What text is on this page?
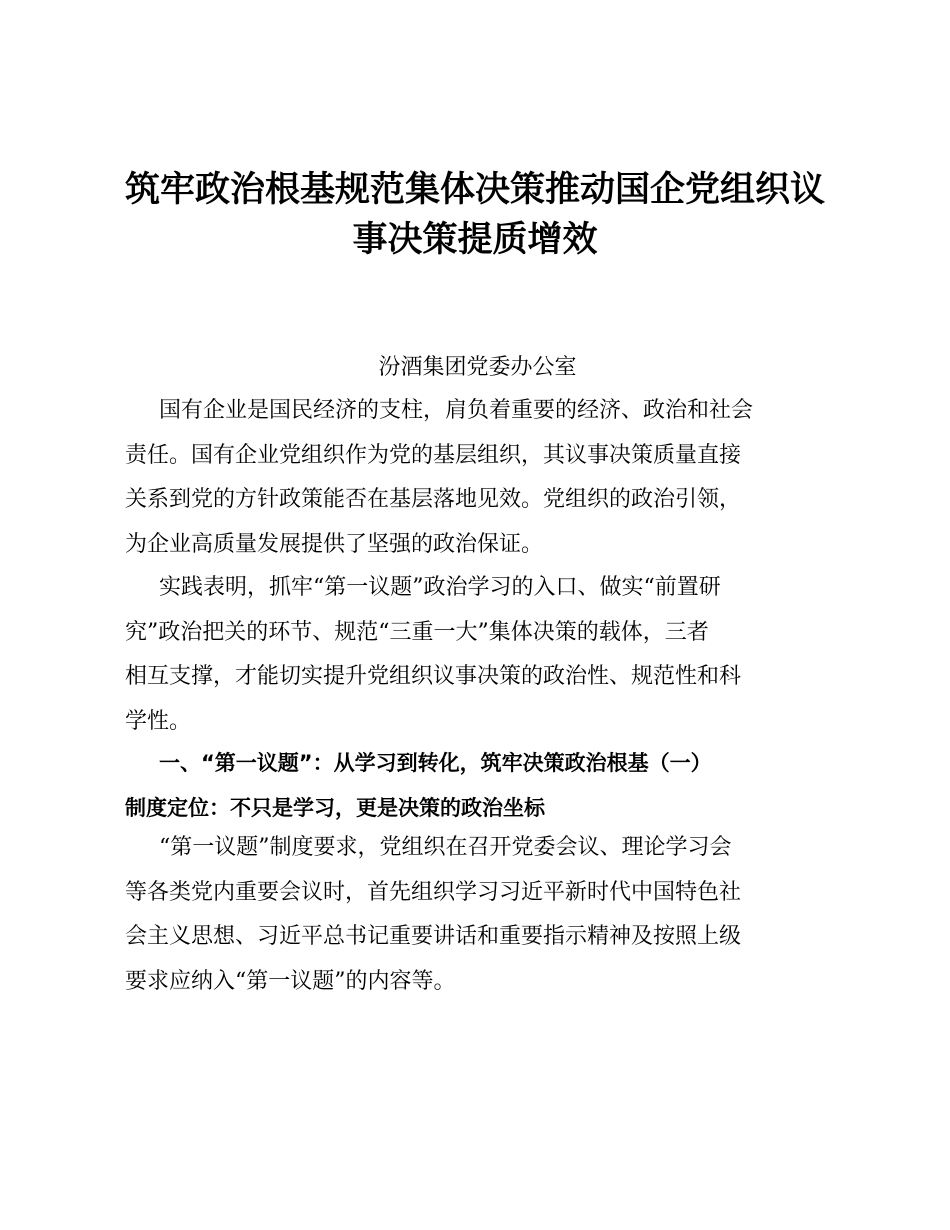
筑牢政治根基规范集体决策推动国企党组织议
事决策提质增效

汾酒集团党委办公室

国有企业是国民经济的支柱，肩负着重要的经济、政治和社会
责任。国有企业党组织作为党的基层组织，其议事决策质量直接
关系到党的方针政策能否在基层落地见效。党组织的政治引领，
为企业高质量发展提供了坚强的政治保证。

实践表明，抓牢“第一议题”政治学习的入口、做实“前置研
究”政治把关的环节、规范“三重一大”集体决策的载体，三者
相互支撑，才能切实提升党组织议事决策的政治性、规范性和科
学性。

一、“第一议题”：从学习到转化，筑牢决策政治根基（一）
制度定位：不只是学习，更是决策的政治坐标

“第一议题”制度要求，党组织在召开党委会议、理论学习会
等各类党内重要会议时，首先组织学习习近平新时代中国特色社
会主义思想、习近平总书记重要讲话和重要指示精神及按照上级
要求应纳入“第一议题”的内容等。
